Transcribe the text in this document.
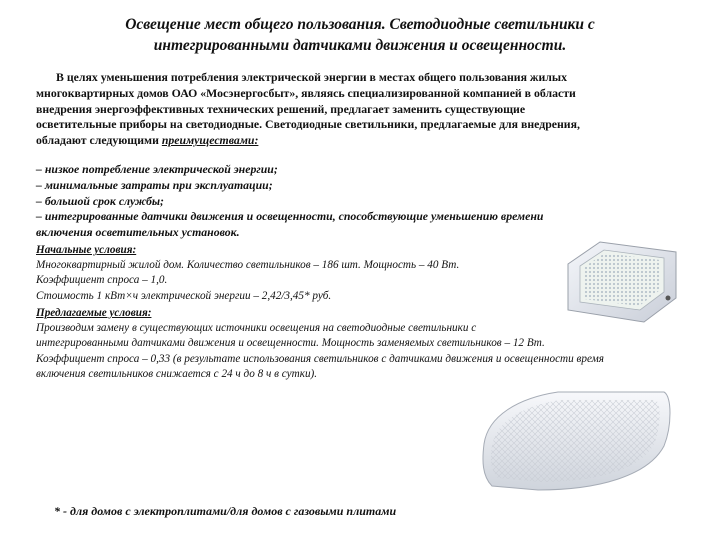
Освещение мест общего пользования. Светодиодные светильники с
интегрированными датчиками движения и освещенности.

В целях уменьшения потребления электрической энергии в местах общего пользования жилых
многоквартирных домов ОАО «Мосэнергосбыт», являясь специализированной компанией в области
внедрения энергоэффективных технических решений, предлагает заменить существующие
осветительные приборы на светодиодные. Светодиодные светильники, предлагаемые для внедрения,
обладают следующими преимуществами:

– низкое потребление электрической энергии;
– минимальные затраты при эксплуатации;
– большой срок службы;
– интегрированные датчики движения и освещенности, способствующие уменьшению времени
включения осветительных установок.
Начальные условия:
Многоквартирный жилой дом. Количество светильников – 186 шт. Мощность – 40 Вт.
Коэффициент спроса – 1,0.
Стоимость 1 кВт×ч электрической энергии – 2,42/3,45* руб.
Предлагаемые условия:
Производим замену в существующих источники освещения на светодиодные светильники с
интегрированными датчиками движения и освещенности. Мощность заменяемых светильников – 12 Вт.
Коэффициент спроса – 0,33 (в результате использования светильников с датчиками движения и освещенности время
включения светильников снижается с 24 ч до 8 ч в сутки).

* - для домов с электроплитами/для домов с газовыми плитами
